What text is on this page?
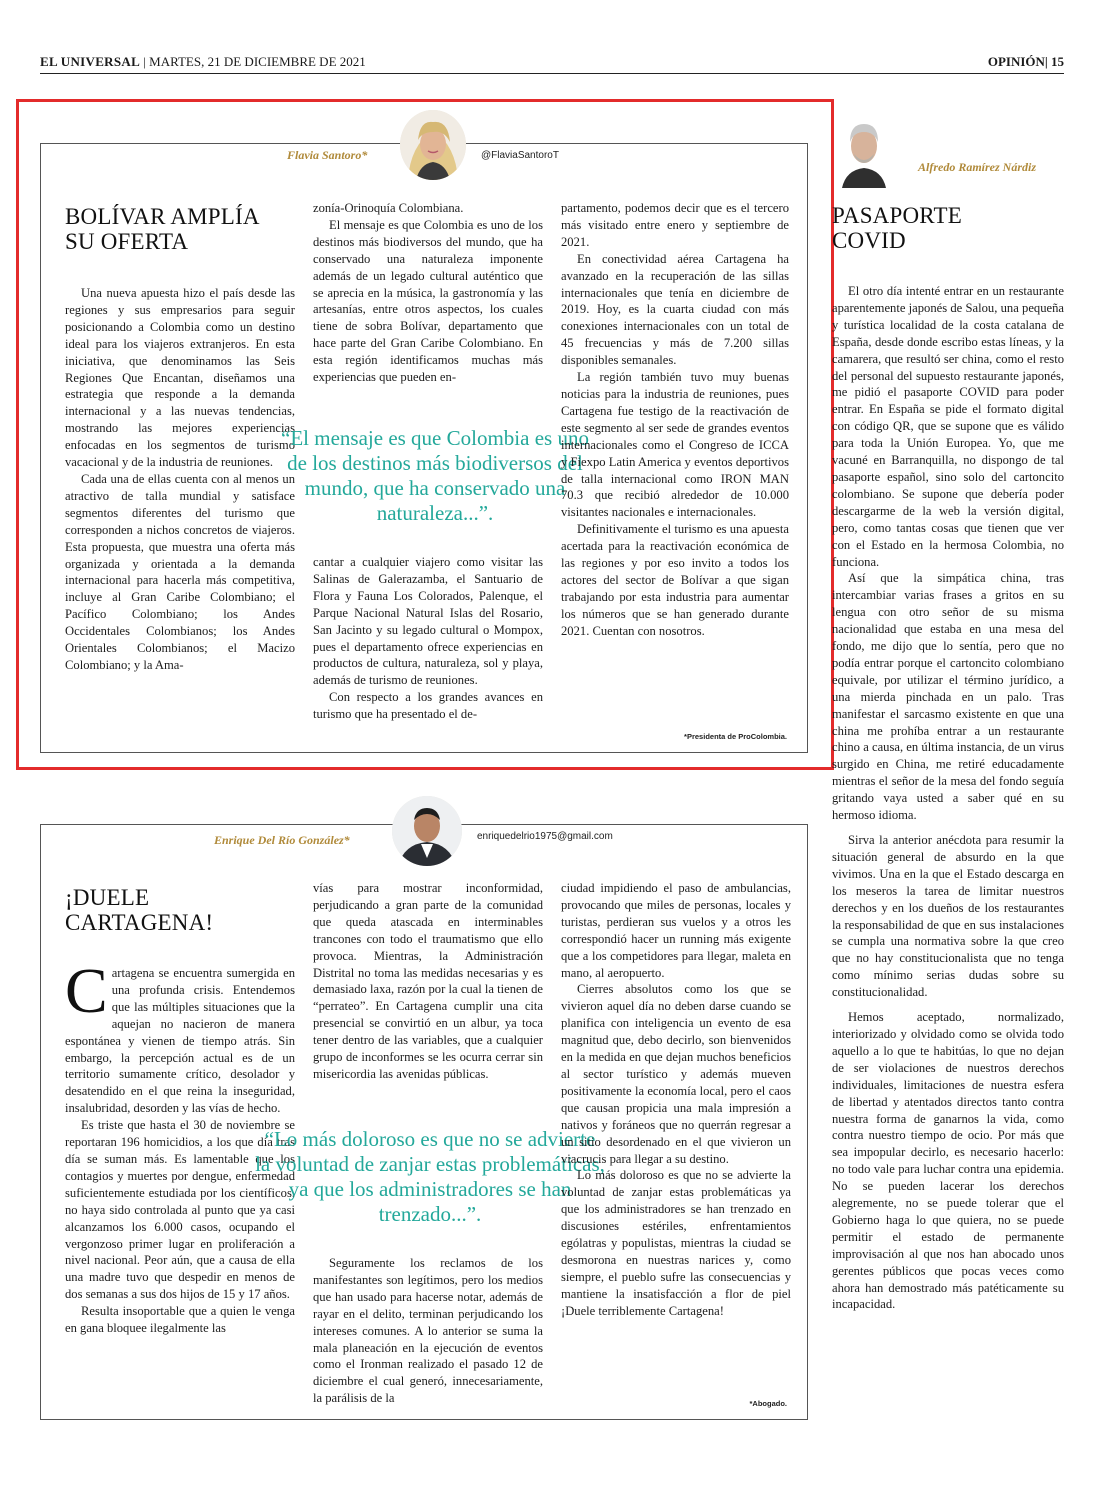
EL UNIVERSAL | MARTES, 21 DE DICIEMBRE DE 2021	OPINIÓN| 15
Flavia Santoro*	@FlaviaSantoroT
BOLÍVAR AMPLÍA SU OFERTA

Una nueva apuesta hizo el país desde las regiones y sus empresarios para seguir posicionando a Colombia como un destino ideal para los viajeros extranjeros. En esta iniciativa, que denominamos las Seis Regiones Que Encantan, diseñamos una estrategia que responde a la demanda internacional y a las nuevas tendencias, mostrando las mejores experiencias enfocadas en los segmentos de turismo vacacional y de la industria de reuniones.

Cada una de ellas cuenta con al menos un atractivo de talla mundial y satisface segmentos diferentes del turismo que corresponden a nichos concretos de viajeros. Esta propuesta, que muestra una oferta más organizada y orientada a la demanda internacional para hacerla más competitiva, incluye al Gran Caribe Colombiano; el Pacífico Colombiano; los Andes Occidentales Colombianos; los Andes Orientales Colombianos; el Macizo Colombiano; y la Ama-

zonía-Orinoquía Colombiana.

El mensaje es que Colombia es uno de los destinos más biodiversos del mundo, que ha conservado una naturaleza imponente además de un legado cultural auténtico que se aprecia en la música, la gastronomía y las artesanías, entre otros aspectos, los cuales tiene de sobra Bolívar, departamento que hace parte del Gran Caribe Colombiano. En esta región identificamos muchas más experiencias que pueden en-

“El mensaje es que Colombia es uno de los destinos más biodiversos del mundo, que ha conservado una naturaleza...”.

cantar a cualquier viajero como visitar las Salinas de Galerazamba, el Santuario de Flora y Fauna Los Colorados, Palenque, el Parque Nacional Natural Islas del Rosario, San Jacinto y su legado cultural o Mompox, pues el departamento ofrece experiencias en productos de cultura, naturaleza, sol y playa, además de turismo de reuniones.

Con respecto a los grandes avances en turismo que ha presentado el de-

partamento, podemos decir que es el tercero más visitado entre enero y septiembre de 2021.

En conectividad aérea Cartagena ha avanzado en la recuperación de las sillas internacionales que tenía en diciembre de 2019. Hoy, es la cuarta ciudad con más conexiones internacionales con un total de 45 frecuencias y más de 7.200 sillas disponibles semanales.

La región también tuvo muy buenas noticias para la industria de reuniones, pues Cartagena fue testigo de la reactivación de este segmento al ser sede de grandes eventos internacionales como el Congreso de ICCA y Fiexpo Latin America y eventos deportivos de talla internacional como IRON MAN 70.3 que recibió alrededor de 10.000 visitantes nacionales e internacionales.

Definitivamente el turismo es una apuesta acertada para la reactivación económica de las regiones y por eso invito a todos los actores del sector de Bolívar a que sigan trabajando por esta industria para aumentar los números que se han generado durante 2021. Cuentan con nosotros.

*Presidenta de ProColombia.
Alfredo Ramírez Nárdiz
PASAPORTE COVID

El otro día intenté entrar en un restaurante aparentemente japonés de Salou, una pequeña y turística localidad de la costa catalana de España, desde donde escribo estas líneas, y la camarera, que resultó ser china, como el resto del personal del supuesto restaurante japonés, me pidió el pasaporte COVID para poder entrar. En España se pide el formato digital con código QR, que se supone que es válido para toda la Unión Europea. Yo, que me vacuné en Barranquilla, no dispongo de tal pasaporte español, sino solo del cartoncito colombiano. Se supone que debería poder descargarme de la web la versión digital, pero, como tantas cosas que tienen que ver con el Estado en la hermosa Colombia, no funciona.

Así que la simpática china, tras intercambiar varias frases a gritos en su lengua con otro señor de su misma nacionalidad que estaba en una mesa del fondo, me dijo que lo sentía, pero que no podía entrar porque el cartoncito colombiano equivale, por utilizar el término jurídico, a una mierda pinchada en un palo. Tras manifestar el sarcasmo existente en que una china me prohíba entrar a un restaurante chino a causa, en última instancia, de un virus surgido en China, me retiré educadamente mientras el señor de la mesa del fondo seguía gritando vaya usted a saber qué en su hermoso idioma.

Sirva la anterior anécdota para resumir la situación general de absurdo en la que vivimos. Una en la que el Estado descarga en los meseros la tarea de limitar nuestros derechos y en los dueños de los restaurantes la responsabilidad de que en sus instalaciones se cumpla una normativa sobre la que creo que no hay constitucionalista que no tenga como mínimo serias dudas sobre su constitucionalidad.

Hemos aceptado, normalizado, interiorizado y olvidado como se olvida todo aquello a lo que te habitúas, lo que no dejan de ser violaciones de nuestros derechos individuales, limitaciones de nuestra esfera de libertad y atentados directos tanto contra nuestra forma de ganarnos la vida, como contra nuestro tiempo de ocio. Por más que sea impopular decirlo, es necesario hacerlo: no todo vale para luchar contra una epidemia. No se pueden lacerar los derechos alegremente, no se puede tolerar que el Gobierno haga lo que quiera, no se puede permitir el estado de permanente improvisación al que nos han abocado unos gerentes públicos que pocas veces como ahora han demostrado más patéticamente su incapacidad.

Enrique Del Río González*	enriquedelrio1975@gmail.com
¡DUELE CARTAGENA!

Cartagena se encuentra sumergida en una profunda crisis. Entendemos que las múltiples situaciones que la aquejan no nacieron de manera espontánea y vienen de tiempo atrás. Sin embargo, la percepción actual es de un territorio sumamente crítico, desolador y desatendido en el que reina la inseguridad, insalubridad, desorden y las vías de hecho.

Es triste que hasta el 30 de noviembre se reportaran 196 homicidios, a los que día tras día se suman más. Es lamentable que los contagios y muertes por dengue, enfermedad suficientemente estudiada por los científicos, no haya sido controlada al punto que ya casi alcanzamos los 6.000 casos, ocupando el vergonzoso primer lugar en proliferación a nivel nacional. Peor aún, que a causa de ella una madre tuvo que despedir en menos de dos semanas a sus dos hijos de 15 y 17 años.

Resulta insoportable que a quien le venga en gana bloquee ilegalmente las

vías para mostrar inconformidad, perjudicando a gran parte de la comunidad que queda atascada en interminables trancones con todo el traumatismo que ello provoca. Mientras, la Administración Distrital no toma las medidas necesarias y es demasiado laxa, razón por la cual la tienen de “perrateo”. En Cartagena cumplir una cita presencial se convirtió en un albur, ya toca tener dentro de las variables, que a cualquier grupo de inconformes se les ocurra cerrar sin misericordia las avenidas públicas.

“Lo más doloroso es que no se advierte la voluntad de zanjar estas problemáticas, ya que los administradores se han trenzado...”.

Seguramente los reclamos de los manifestantes son legítimos, pero los medios que han usado para hacerse notar, además de rayar en el delito, terminan perjudicando los intereses comunes. A lo anterior se suma la mala planeación en la ejecución de eventos como el Ironman realizado el pasado 12 de diciembre el cual generó, innecesariamente, la parálisis de la

ciudad impidiendo el paso de ambulancias, provocando que miles de personas, locales y turistas, perdieran sus vuelos y a otros les correspondió hacer un running más exigente que a los competidores para llegar, maleta en mano, al aeropuerto.

Cierres absolutos como los que se vivieron aquel día no deben darse cuando se planifica con inteligencia un evento de esa magnitud que, debo decirlo, son bienvenidos en la medida en que dejan muchos beneficios al sector turístico y además mueven positivamente la economía local, pero el caos que causan propicia una mala impresión a nativos y foráneos que no querrán regresar a un sitio desordenado en el que vivieron un viacrucis para llegar a su destino.

Lo más doloroso es que no se advierte la voluntad de zanjar estas problemáticas ya que los administradores se han trenzado en discusiones estériles, enfrentamientos ególatras y populistas, mientras la ciudad se desmorona en nuestras narices y, como siempre, el pueblo sufre las consecuencias y mantiene la insatisfacción a flor de piel ¡Duele terriblemente Cartagena!

*Abogado.
